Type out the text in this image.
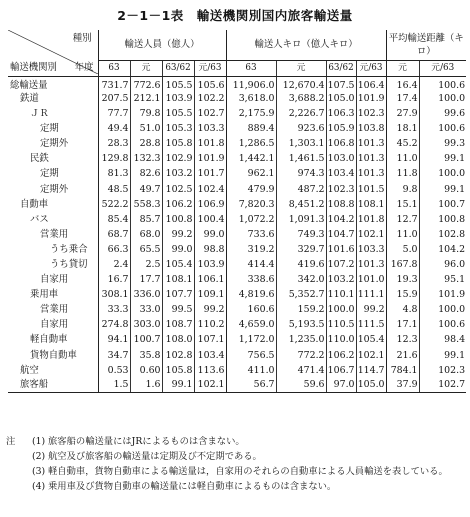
2－1－1表　輸送機関別国内旅客輸送量
種別
輸送機関別 年度	輸送人員（億人）				輸送人キロ（億人キロ）				平均輸送距離（キロ）	
	63	元	63/62	元/63	63	元	63/62	元/63	元	元/63
総輸送量	731.7	772.6	105.5	105.6	11,906.0	12,670.4	107.5	106.4	16.4	100.6
鉄道	207.5	212.1	103.9	102.2	3,618.0	3,688.2	105.0	101.9	17.4	100.0
ＪＲ	77.7	79.8	105.5	102.7	2,175.9	2,226.7	106.3	102.3	27.9	99.6
定期	49.4	51.0	105.3	103.3	889.4	923.6	105.9	103.8	18.1	100.6
定期外	28.3	28.8	105.8	101.8	1,286.5	1,303.1	106.8	101.3	45.2	99.3
民鉄	129.8	132.3	102.9	101.9	1,442.1	1,461.5	103.0	101.3	11.0	99.1
定期	81.3	82.6	103.2	101.7	962.1	974.3	103.4	101.3	11.8	100.0
定期外	48.5	49.7	102.5	102.4	479.9	487.2	102.3	101.5	9.8	99.1
自動車	522.2	558.3	106.2	106.9	7,820.3	8,451.2	108.8	108.1	15.1	100.7
バス	85.4	85.7	100.8	100.4	1,072.2	1,091.3	104.2	101.8	12.7	100.8
営業用	68.7	68.0	99.2	99.0	733.6	749.3	104.7	102.1	11.0	102.8
うち乗合	66.3	65.5	99.0	98.8	319.2	329.7	101.6	103.3	5.0	104.2
うち貸切	2.4	2.5	105.4	103.9	414.4	419.6	107.2	101.3	167.8	96.0
自家用	16.7	17.7	108.1	106.1	338.6	342.0	103.2	101.0	19.3	95.1
乗用車	308.1	336.0	107.7	109.1	4,819.6	5,352.7	110.1	111.1	15.9	101.9
営業用	33.3	33.0	99.5	99.2	160.6	159.2	100.0	99.2	4.8	100.0
自家用	274.8	303.0	108.7	110.2	4,659.0	5,193.5	110.5	111.5	17.1	100.6
軽自動車	94.1	100.7	108.0	107.1	1,172.0	1,235.0	110.0	105.4	12.3	98.4
貨物自動車	34.7	35.8	102.8	103.4	756.5	772.2	106.2	102.1	21.6	99.1
航空	0.53	0.60	105.8	113.6	411.0	471.4	106.7	114.7	784.1	102.3
旅客船	1.5	1.6	99.1	102.1	56.7	59.6	97.0	105.0	37.9	102.7
注	(1) 旅客船の輸送量にはJRによるものは含まない。
(2) 航空及び旅客船の輸送量は定期及び不定期である。
(3) 軽自動車，貨物自動車による輸送量は，自家用のそれらの自動車による人員輸送を表している。
(4) 乗用車及び貨物自動車の輸送量には軽自動車によるものは含まない。
